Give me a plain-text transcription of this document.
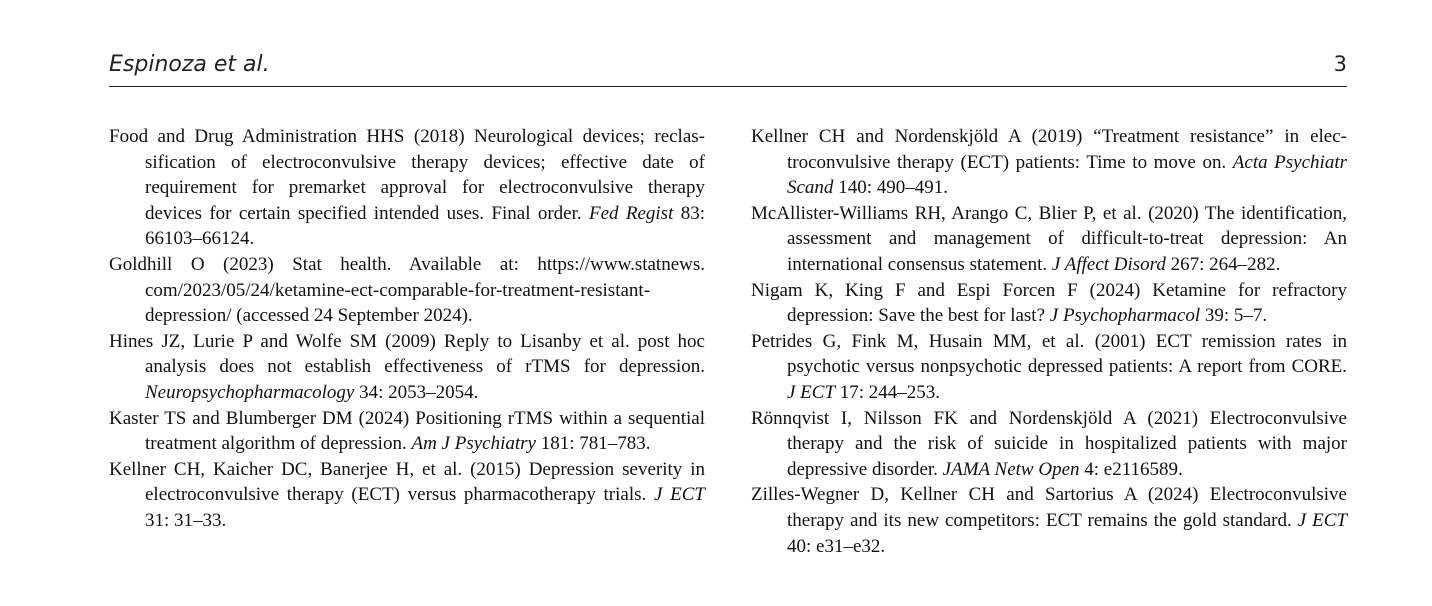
Espinoza et al.	3

Food and Drug Administration HHS (2018) Neurological devices; reclassification of electroconvulsive therapy devices; effective date of requirement for premarket approval for electroconvulsive therapy devices for certain specified intended uses. Final order. Fed Regist 83: 66103–66124.

Goldhill O (2023) Stat health. Available at: https://www.statnews.​com/2023/05/24/ketamine-ect-comparable-for-treatment-resistant-​depression/ (accessed 24 September 2024).

Hines JZ, Lurie P and Wolfe SM (2009) Reply to Lisanby et al. post hoc analysis does not establish effectiveness of rTMS for depression. Neuropsychopharmacology 34: 2053–2054.

Kaster TS and Blumberger DM (2024) Positioning rTMS within a sequential treatment algorithm of depression. Am J Psychiatry 181: 781–783.

Kellner CH, Kaicher DC, Banerjee H, et al. (2015) Depression severity in electroconvulsive therapy (ECT) versus pharmacotherapy trials. J ECT 31: 31–33.

Kellner CH and Nordenskjöld A (2019) “Treatment resistance” in electroconvulsive therapy (ECT) patients: Time to move on. Acta Psychiatr Scand 140: 490–491.

McAllister-Williams RH, Arango C, Blier P, et al. (2020) The identification, assessment and management of difficult-to-treat depression: An international consensus statement. J Affect Disord 267: 264–282.

Nigam K, King F and Espi Forcen F (2024) Ketamine for refractory depression: Save the best for last? J Psychopharmacol 39: 5–7.

Petrides G, Fink M, Husain MM, et al. (2001) ECT remission rates in psychotic versus nonpsychotic depressed patients: A report from CORE. J ECT 17: 244–253.

Rönnqvist I, Nilsson FK and Nordenskjöld A (2021) Electroconvulsive therapy and the risk of suicide in hospitalized patients with major depressive disorder. JAMA Netw Open 4: e2116589.

Zilles-Wegner D, Kellner CH and Sartorius A (2024) Electroconvulsive therapy and its new competitors: ECT remains the gold standard. J ECT 40: e31–e32.
